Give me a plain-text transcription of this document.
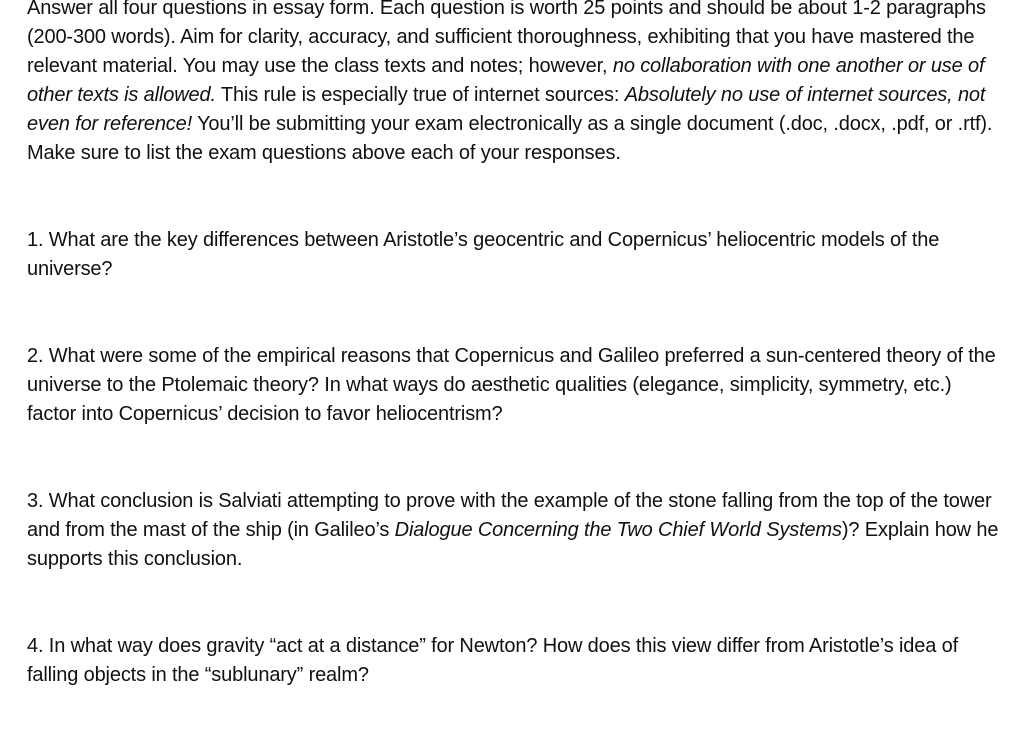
Answer all four questions in essay form. Each question is worth 25 points and should be about 1-2 paragraphs (200-300 words). Aim for clarity, accuracy, and sufficient thoroughness, exhibiting that you have mastered the relevant material. You may use the class texts and notes; however, no collaboration with one another or use of other texts is allowed. This rule is especially true of internet sources: Absolutely no use of internet sources, not even for reference! You’ll be submitting your exam electronically as a single document (.doc, .docx, .pdf, or .rtf). Make sure to list the exam questions above each of your responses.

1. What are the key differences between Aristotle’s geocentric and Copernicus’ heliocentric models of the universe?

2. What were some of the empirical reasons that Copernicus and Galileo preferred a sun-centered theory of the universe to the Ptolemaic theory? In what ways do aesthetic qualities (elegance, simplicity, symmetry, etc.) factor into Copernicus’ decision to favor heliocentrism?

3. What conclusion is Salviati attempting to prove with the example of the stone falling from the top of the tower and from the mast of the ship (in Galileo’s Dialogue Concerning the Two Chief World Systems)? Explain how he supports this conclusion.

4. In what way does gravity “act at a distance” for Newton? How does this view differ from Aristotle’s idea of falling objects in the “sublunary” realm?
